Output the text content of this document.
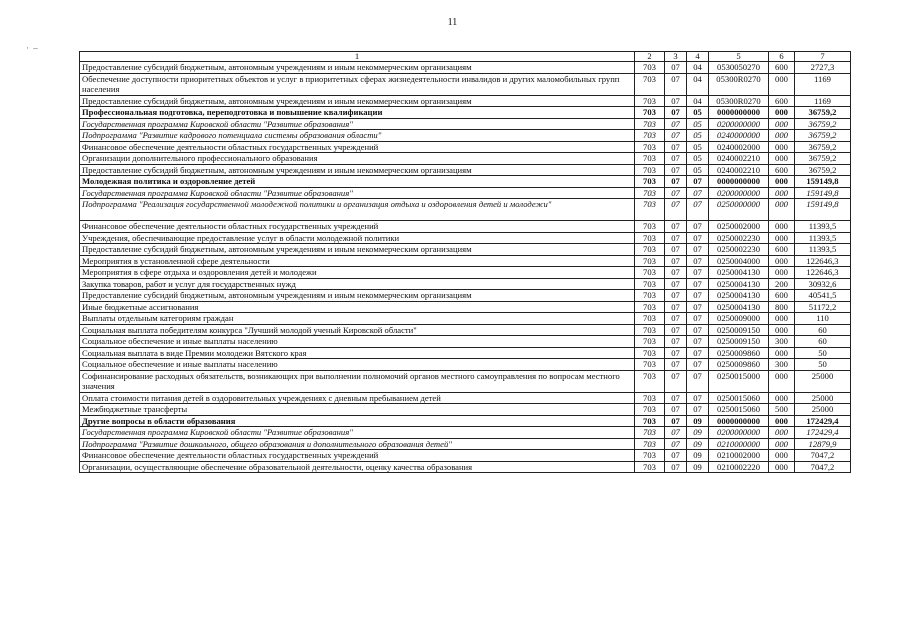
11
· –
1	2	3	4	5	6	7
Предоставление субсидий бюджетным, автономным учреждениям и иным некоммерческим организациям	703	07	04	0530050270	600	2727,3
Обеспечение доступности приоритетных объектов и услуг в приоритетных сферах жизнедеятельности инвалидов и других маломобильных групп населения	703	07	04	05300R0270	000	1169
Предоставление субсидий бюджетным, автономным учреждениям и иным некоммерческим организациям	703	07	04	05300R0270	600	1169
Профессиональная подготовка, переподготовка и повышение квалификации	703	07	05	0000000000	000	36759,2
Государственная программа Кировской области "Развитие образования"	703	07	05	0200000000	000	36759,2
Подпрограмма "Развитие кадрового потенциала системы образования области"	703	07	05	0240000000	000	36759,2
Финансовое обеспечение деятельности областных государственных учреждений	703	07	05	0240002000	000	36759,2
Организации дополнительного профессионального образования	703	07	05	0240002210	000	36759,2
Предоставление субсидий бюджетным, автономным учреждениям и иным некоммерческим организациям	703	07	05	0240002210	600	36759,2
Молодежная политика и оздоровление детей	703	07	07	0000000000	000	159149,8
Государственная программа Кировской области "Развитие образования"	703	07	07	0200000000	000	159149,8
Подпрограмма "Реализация государственной молодежной политики и организация отдыха и оздоровления детей и молодежи"	703	07	07	0250000000	000	159149,8
Финансовое обеспечение деятельности областных государственных учреждений	703	07	07	0250002000	000	11393,5
Учреждения, обеспечивающие предоставление услуг в области молодежной политики	703	07	07	0250002230	000	11393,5
Предоставление субсидий бюджетным, автономным учреждениям и иным некоммерческим организациям	703	07	07	0250002230	600	11393,5
Мероприятия в установленной сфере деятельности	703	07	07	0250004000	000	122646,3
Мероприятия в сфере отдыха и оздоровления детей и молодежи	703	07	07	0250004130	000	122646,3
Закупка товаров, работ и услуг для государственных нужд	703	07	07	0250004130	200	30932,6
Предоставление субсидий бюджетным, автономным учреждениям и иным некоммерческим организациям	703	07	07	0250004130	600	40541,5
Иные бюджетные ассигнования	703	07	07	0250004130	800	51172,2
Выплаты отдельным категориям граждан	703	07	07	0250009000	000	110
Социальная выплата победителям конкурса "Лучший молодой ученый Кировской области"	703	07	07	0250009150	000	60
Социальное обеспечение и иные выплаты населению	703	07	07	0250009150	300	60
Социальная выплата в виде Премии молодежи Вятского края	703	07	07	0250009860	000	50
Социальное обеспечение и иные выплаты населению	703	07	07	0250009860	300	50
Софинансирование расходных обязательств, возникающих при выполнении полномочий органов местного самоуправления по вопросам местного значения	703	07	07	0250015000	000	25000
Оплата стоимости питания детей в оздоровительных учреждениях с дневным пребыванием детей	703	07	07	0250015060	000	25000
Межбюджетные трансферты	703	07	07	0250015060	500	25000
Другие вопросы в области образования	703	07	09	0000000000	000	172429,4
Государственная программа Кировской области "Развитие образования"	703	07	09	0200000000	000	172429,4
Подпрограмма "Развитие дошкольного, общего образования и дополнительного образования детей"	703	07	09	0210000000	000	12879,9
Финансовое обеспечение деятельности областных государственных учреждений	703	07	09	0210002000	000	7047,2
Организации, осуществляющие обеспечение образовательной деятельности, оценку качества образования	703	07	09	0210002220	000	7047,2
